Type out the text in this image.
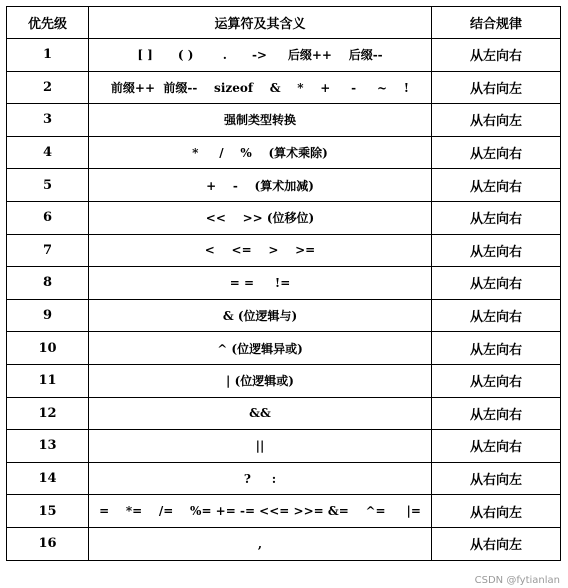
优先级	运算符及其含义	结合规律
1	[ ]      ( )       .      ->     后缀++    后缀--	从左向右
2	前缀++  前缀--    sizeof    &    *    +     -     ~    !	从右向左
3	强制类型转换	从右向左
4	*     /    %    (算术乘除)	从左向右
5	+    -    (算术加减)	从左向右
6	<<    >> (位移位)	从左向右
7	<    <=    >    >=	从左向右
8	= =     !=	从左向右
9	& (位逻辑与)	从左向右
10	^ (位逻辑异或)	从左向右
11	| (位逻辑或)	从左向右
12	&&	从左向右
13	||	从左向右
14	?     :	从右向左
15	=    *=    /=    %= += -= <<= >>= &=    ^=     |=	从右向左
16	,	从右向左
CSDN @fytianlan
